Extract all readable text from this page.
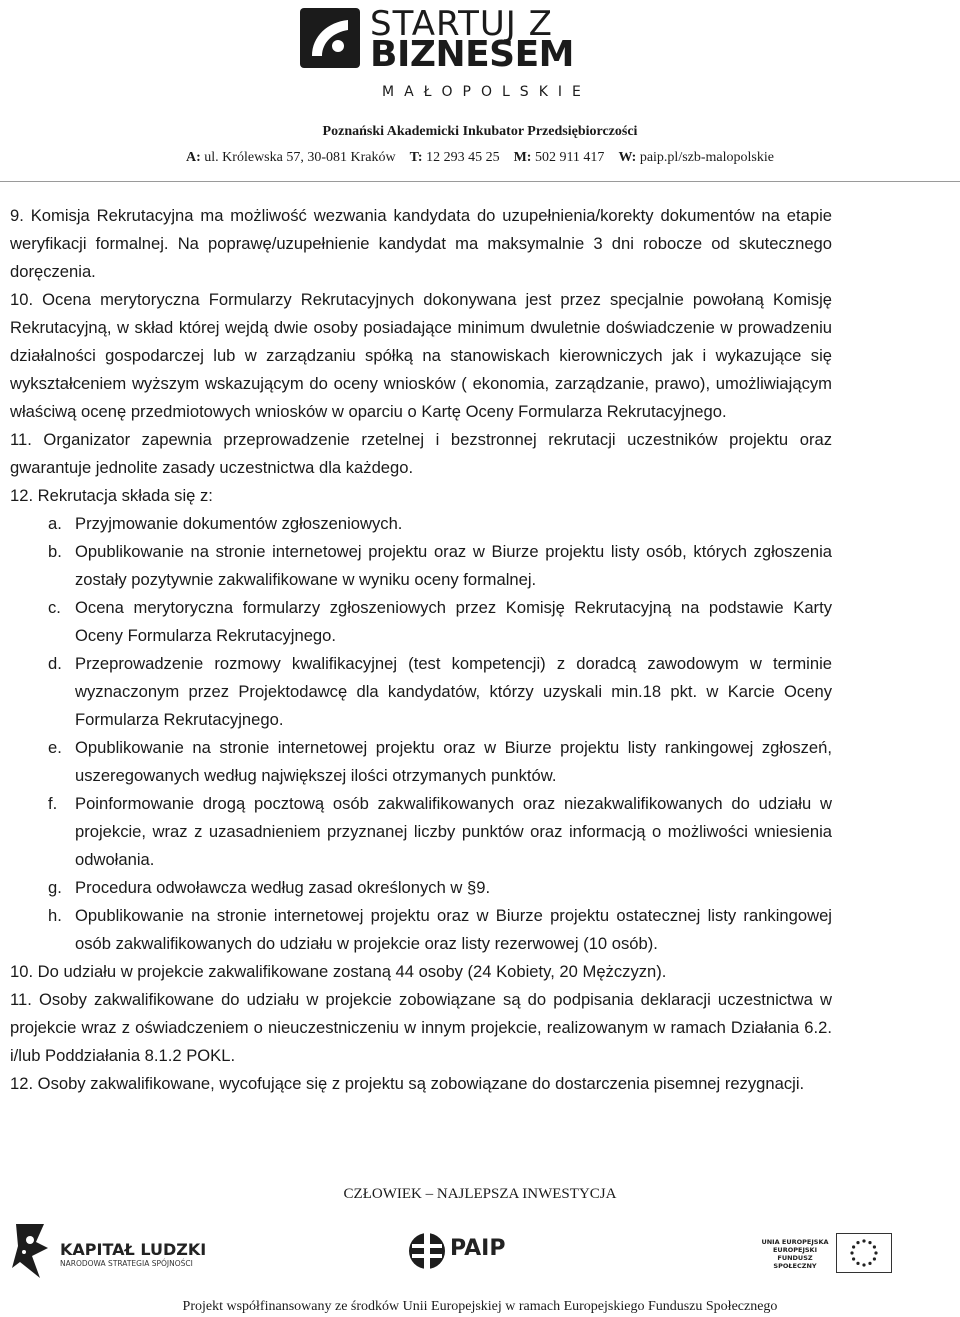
STARTUJ Z
BIZNESEM
MAŁOPOLSKIE
Poznański Akademicki Inkubator Przedsiębiorczości
A: ul. Królewska 57, 30-081 Kraków T: 12 293 45 25 M: 502 911 417 W: paip.pl/szb-malopolskie

9. Komisja Rekrutacyjna ma możliwość wezwania kandydata do uzupełnienia/korekty dokumentów na etapie weryfikacji formalnej. Na poprawę/uzupełnienie kandydat ma maksymalnie 3 dni robocze od skutecznego doręczenia.

10. Ocena merytoryczna Formularzy Rekrutacyjnych dokonywana jest przez specjalnie powołaną Komisję Rekrutacyjną, w skład której wejdą dwie osoby posiadające minimum dwuletnie doświadczenie w prowadzeniu działalności gospodarczej lub w zarządzaniu spółką na stanowiskach kierowniczych jak i wykazujące się wykształceniem wyższym wskazującym do oceny wniosków ( ekonomia, zarządzanie, prawo), umożliwiającym właściwą ocenę przedmiotowych wniosków w oparciu o Kartę Oceny Formularza Rekrutacyjnego.

11. Organizator zapewnia przeprowadzenie rzetelnej i bezstronnej rekrutacji uczestników projektu oraz gwarantuje jednolite zasady uczestnictwa dla każdego.

12. Rekrutacja składa się z:

a. Przyjmowanie dokumentów zgłoszeniowych.
b. Opublikowanie na stronie internetowej projektu oraz w Biurze projektu listy osób, których zgłoszenia zostały pozytywnie zakwalifikowane w wyniku oceny formalnej.
c. Ocena merytoryczna formularzy zgłoszeniowych przez Komisję Rekrutacyjną na podstawie Karty Oceny Formularza Rekrutacyjnego.
d. Przeprowadzenie rozmowy kwalifikacyjnej (test kompetencji) z doradcą zawodowym w terminie wyznaczonym przez Projektodawcę dla kandydatów, którzy uzyskali min.18 pkt. w Karcie Oceny Formularza Rekrutacyjnego.
e. Opublikowanie na stronie internetowej projektu oraz w Biurze projektu listy rankingowej zgłoszeń, uszeregowanych według największej ilości otrzymanych punktów.
f.	Poinformowanie drogą pocztową osób zakwalifikowanych oraz niezakwalifikowanych do udziału w projekcie, wraz z uzasadnieniem przyznanej liczby punktów oraz informacją o możliwości wniesienia odwołania.
g. Procedura odwoławcza według zasad określonych w §9.
h. Opublikowanie na stronie internetowej projektu oraz w Biurze projektu ostatecznej listy rankingowej osób zakwalifikowanych do udziału w projekcie oraz listy rezerwowej (10 osób).

10. Do udziału w projekcie zakwalifikowane zostaną 44 osoby (24 Kobiety, 20 Mężczyzn).

11. Osoby zakwalifikowane do udziału w projekcie zobowiązane są do podpisania deklaracji uczestnictwa w projekcie wraz z oświadczeniem o nieuczestniczeniu w innym projekcie, realizowanym w ramach Działania 6.2. i/lub Poddziałania 8.1.2 POKL.

12. Osoby zakwalifikowane, wycofujące się z projektu są zobowiązane do dostarczenia pisemnej rezygnacji.

CZŁOWIEK – NAJLEPSZA INWESTYCJA
KAPITAŁ LUDZKI
NARODOWA STRATEGIA SPÓJNOŚCI
PAIP	UNIA EUROPEJSKA EUROPEJSKI FUNDUSZ SPOŁECZNY
Projekt współfinansowany ze środków Unii Europejskiej w ramach Europejskiego Funduszu Społecznego
